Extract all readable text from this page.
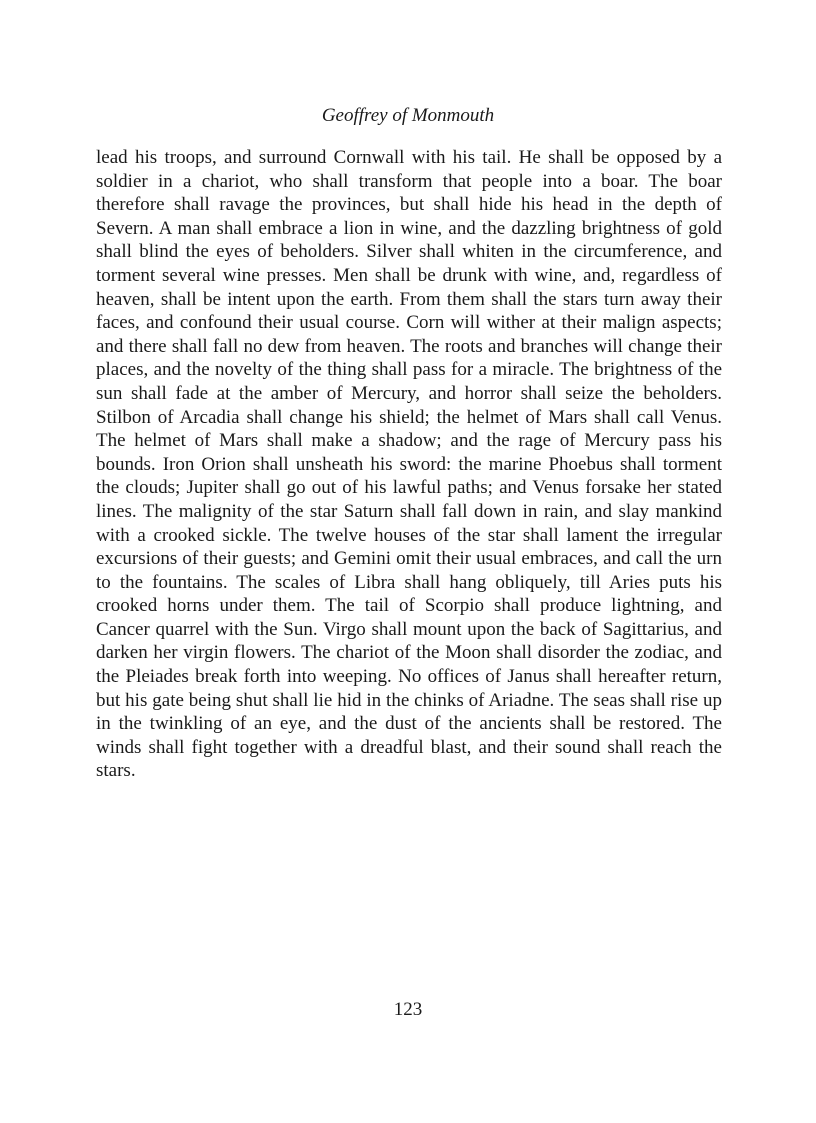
Geoffrey of Monmouth

lead his troops, and surround Cornwall with his tail. He shall be opposed by a soldier in a chariot, who shall transform that people into a boar. The boar therefore shall ravage the provinces, but shall hide his head in the depth of Severn. A man shall embrace a lion in wine, and the dazzling brightness of gold shall blind the eyes of beholders. Silver shall whiten in the circumference, and torment several wine presses. Men shall be drunk with wine, and, regardless of heaven, shall be intent upon the earth. From them shall the stars turn away their faces, and confound their usual course. Corn will wither at their malign aspects; and there shall fall no dew from heaven. The roots and branches will change their places, and the novelty of the thing shall pass for a miracle. The brightness of the sun shall fade at the amber of Mercury, and horror shall seize the beholders. Stilbon of Arcadia shall change his shield; the helmet of Mars shall call Venus. The helmet of Mars shall make a shadow; and the rage of Mercury pass his bounds. Iron Orion shall unsheath his sword: the marine Phoebus shall torment the clouds; Jupiter shall go out of his lawful paths; and Venus forsake her stated lines. The malignity of the star Saturn shall fall down in rain, and slay mankind with a crooked sickle. The twelve houses of the star shall lament the irregular excursions of their guests; and Gemini omit their usual embraces, and call the urn to the fountains. The scales of Libra shall hang obliquely, till Aries puts his crooked horns under them. The tail of Scorpio shall produce lightning, and Cancer quarrel with the Sun. Virgo shall mount upon the back of Sagittarius, and darken her virgin flowers. The chariot of the Moon shall disorder the zodiac, and the Pleiades break forth into weeping. No offices of Janus shall hereafter return, but his gate being shut shall lie hid in the chinks of Ariadne. The seas shall rise up in the twinkling of an eye, and the dust of the ancients shall be restored. The winds shall fight together with a dreadful blast, and their sound shall reach the stars.

123
